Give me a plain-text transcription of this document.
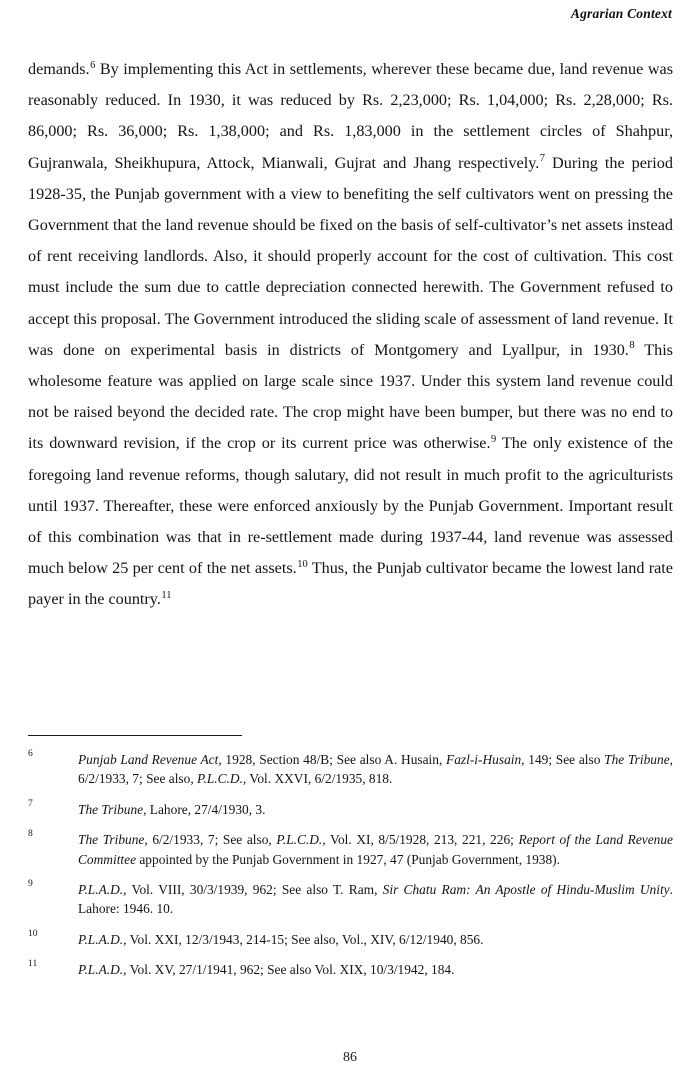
Agrarian Context

demands.$^6$ By implementing this Act in settlements, wherever these became due, land revenue was reasonably reduced. In 1930, it was reduced by Rs. 2,23,000; Rs. 1,04,000; Rs. 2,28,000; Rs. 86,000; Rs. 36,000; Rs. 1,38,000; and Rs. 1,83,000 in the settlement circles of Shahpur, Gujranwala, Sheikhupura, Attock, Mianwali, Gujrat and Jhang respectively.$^7$ During the period 1928-35, the Punjab government with a view to benefiting the self cultivators went on pressing the Government that the land revenue should be fixed on the basis of self-cultivator’s net assets instead of rent receiving landlords. Also, it should properly account for the cost of cultivation. This cost must include the sum due to cattle depreciation connected herewith. The Government refused to accept this proposal. The Government introduced the sliding scale of assessment of land revenue. It was done on experimental basis in districts of Montgomery and Lyallpur, in 1930.$^8$ This wholesome feature was applied on large scale since 1937. Under this system land revenue could not be raised beyond the decided rate. The crop might have been bumper, but there was no end to its downward revision, if the crop or its current price was otherwise.$^9$ The only existence of the foregoing land revenue reforms, though salutary, did not result in much profit to the agriculturists until 1937. Thereafter, these were enforced anxiously by the Punjab Government. Important result of this combination was that in re-settlement made during 1937-44, land revenue was assessed much below 25 per cent of the net assets.$^{10}$ Thus, the Punjab cultivator became the lowest land rate payer in the country.$^{11}$

6	Punjab Land Revenue Act, 1928, Section 48/B; See also A. Husain, Fazl-i-Husain, 149; See also The Tribune, 6/2/1933, 7; See also, P.L.C.D., Vol. XXVI, 6/2/1935, 818.
7	The Tribune, Lahore, 27/4/1930, 3.
8	The Tribune, 6/2/1933, 7; See also, P.L.C.D., Vol. XI, 8/5/1928, 213, 221, 226; Report of the Land Revenue Committee appointed by the Punjab Government in 1927, 47 (Punjab Government, 1938).
9	P.L.A.D., Vol. VIII, 30/3/1939, 962; See also T. Ram, Sir Chatu Ram: An Apostle of Hindu-Muslim Unity. Lahore: 1946. 10.
10	P.L.A.D., Vol. XXI, 12/3/1943, 214-15; See also, Vol., XIV, 6/12/1940, 856.
11	P.L.A.D., Vol. XV, 27/1/1941, 962; See also Vol. XIX, 10/3/1942, 184.
86
